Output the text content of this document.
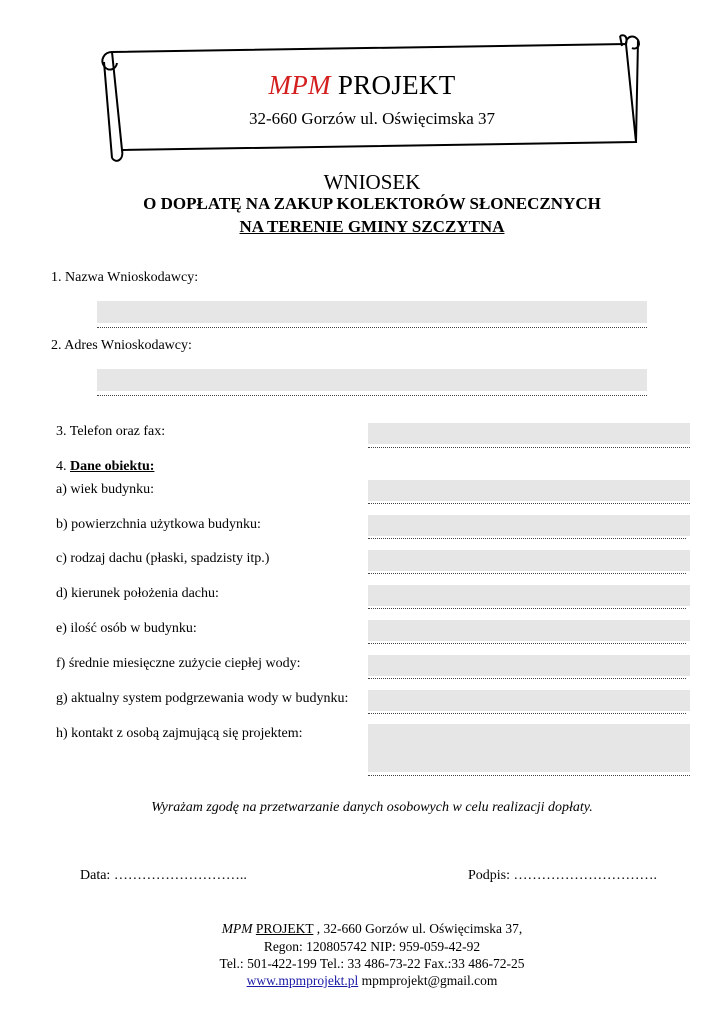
MPM PROJEKT
32-660 Gorzów ul. Oświęcimska 37
WNIOSEK
O DOPŁATĘ NA ZAKUP KOLEKTORÓW SŁONECZNYCH
NA TERENIE GMINY SZCZYTNA
1. Nazwa Wnioskodawcy:
2. Adres Wnioskodawcy:
3. Telefon oraz fax:
4. Dane obiektu:
a) wiek budynku:
b) powierzchnia użytkowa budynku:
c) rodzaj dachu (płaski, spadzisty itp.)
d) kierunek położenia dachu:
e) ilość osób w budynku:
f) średnie miesięczne zużycie ciepłej wody:
g) aktualny system podgrzewania wody w budynku:
h) kontakt z osobą zajmującą się projektem:
Wyrażam zgodę na przetwarzanie danych osobowych w celu realizacji dopłaty.
Data: ………………………..	Podpis: ………………………….
MPM PROJEKT , 32-660 Gorzów ul. Oświęcimska 37,
Regon: 120805742 NIP: 959-059-42-92
Tel.: 501-422-199 Tel.: 33 486-73-22 Fax.:33 486-72-25
www.mpmprojekt.pl mpmprojekt@gmail.com
